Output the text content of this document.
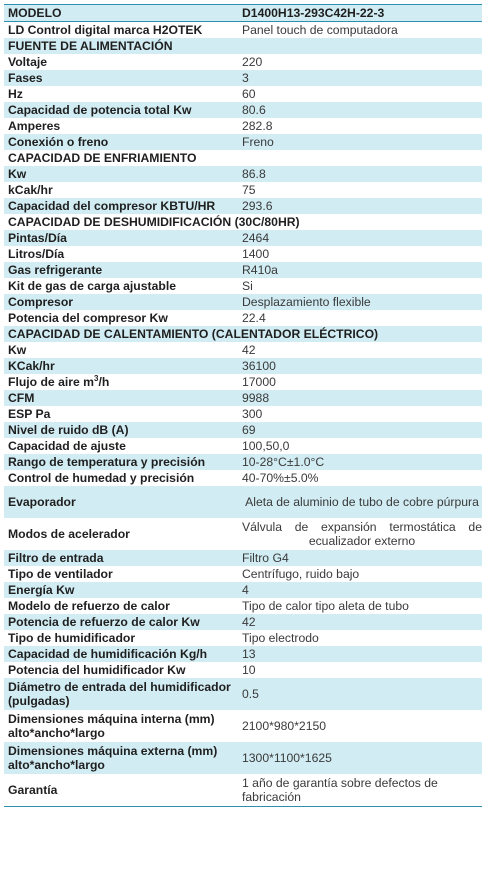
MODELO	D1400H13-293C42H-22-3
LD Control digital marca H2OTEK	Panel touch de computadora
FUENTE DE ALIMENTACIÓN	
Voltaje	220
Fases	3
Hz	60
Capacidad de potencia total Kw	80.6
Amperes	282.8
Conexión o freno	Freno
CAPACIDAD DE ENFRIAMIENTO	
Kw	86.8
kCak/hr	75
Capacidad del compresor KBTU/HR	293.6
CAPACIDAD DE DESHUMIDIFICACIÓN (30C/80HR)	
Pintas/Día	2464
Litros/Día	1400
Gas refrigerante	R410a
Kit de gas de carga ajustable	Si
Compresor	Desplazamiento flexible
Potencia del compresor Kw	22.4
CAPACIDAD DE CALENTAMIENTO (CALENTADOR ELÉCTRICO)	
Kw	42
KCak/hr	36100
Flujo de aire $m^3/h$	17000
CFM	9988
ESP Pa	300
Nivel de ruido dB (A)	69
Capacidad de ajuste	100,50,0
Rango de temperatura y precisión	10-28°C±1.0°C
Control de humedad y precisión	40-70%±5.0%
Evaporador	Aleta de aluminio de tubo de cobre púrpura
Modos de acelerador	Válvula de expansión termostática de ecualizador externo
Filtro de entrada	Filtro G4
Tipo de ventilador	Centrífugo, ruido bajo
Energía Kw	4
Modelo de refuerzo de calor	Tipo de calor tipo aleta de tubo
Potencia de refuerzo de calor Kw	42
Tipo de humidificador	Tipo electrodo
Capacidad de humidificación Kg/h	13
Potencia del humidificador Kw	10
Diámetro de entrada del humidificador (pulgadas)	0.5
Dimensiones máquina interna (mm) alto*ancho*largo	2100*980*2150
Dimensiones máquina externa (mm) alto*ancho*largo	1300*1100*1625
Garantía	1 año de garantía sobre defectos de fabricación
